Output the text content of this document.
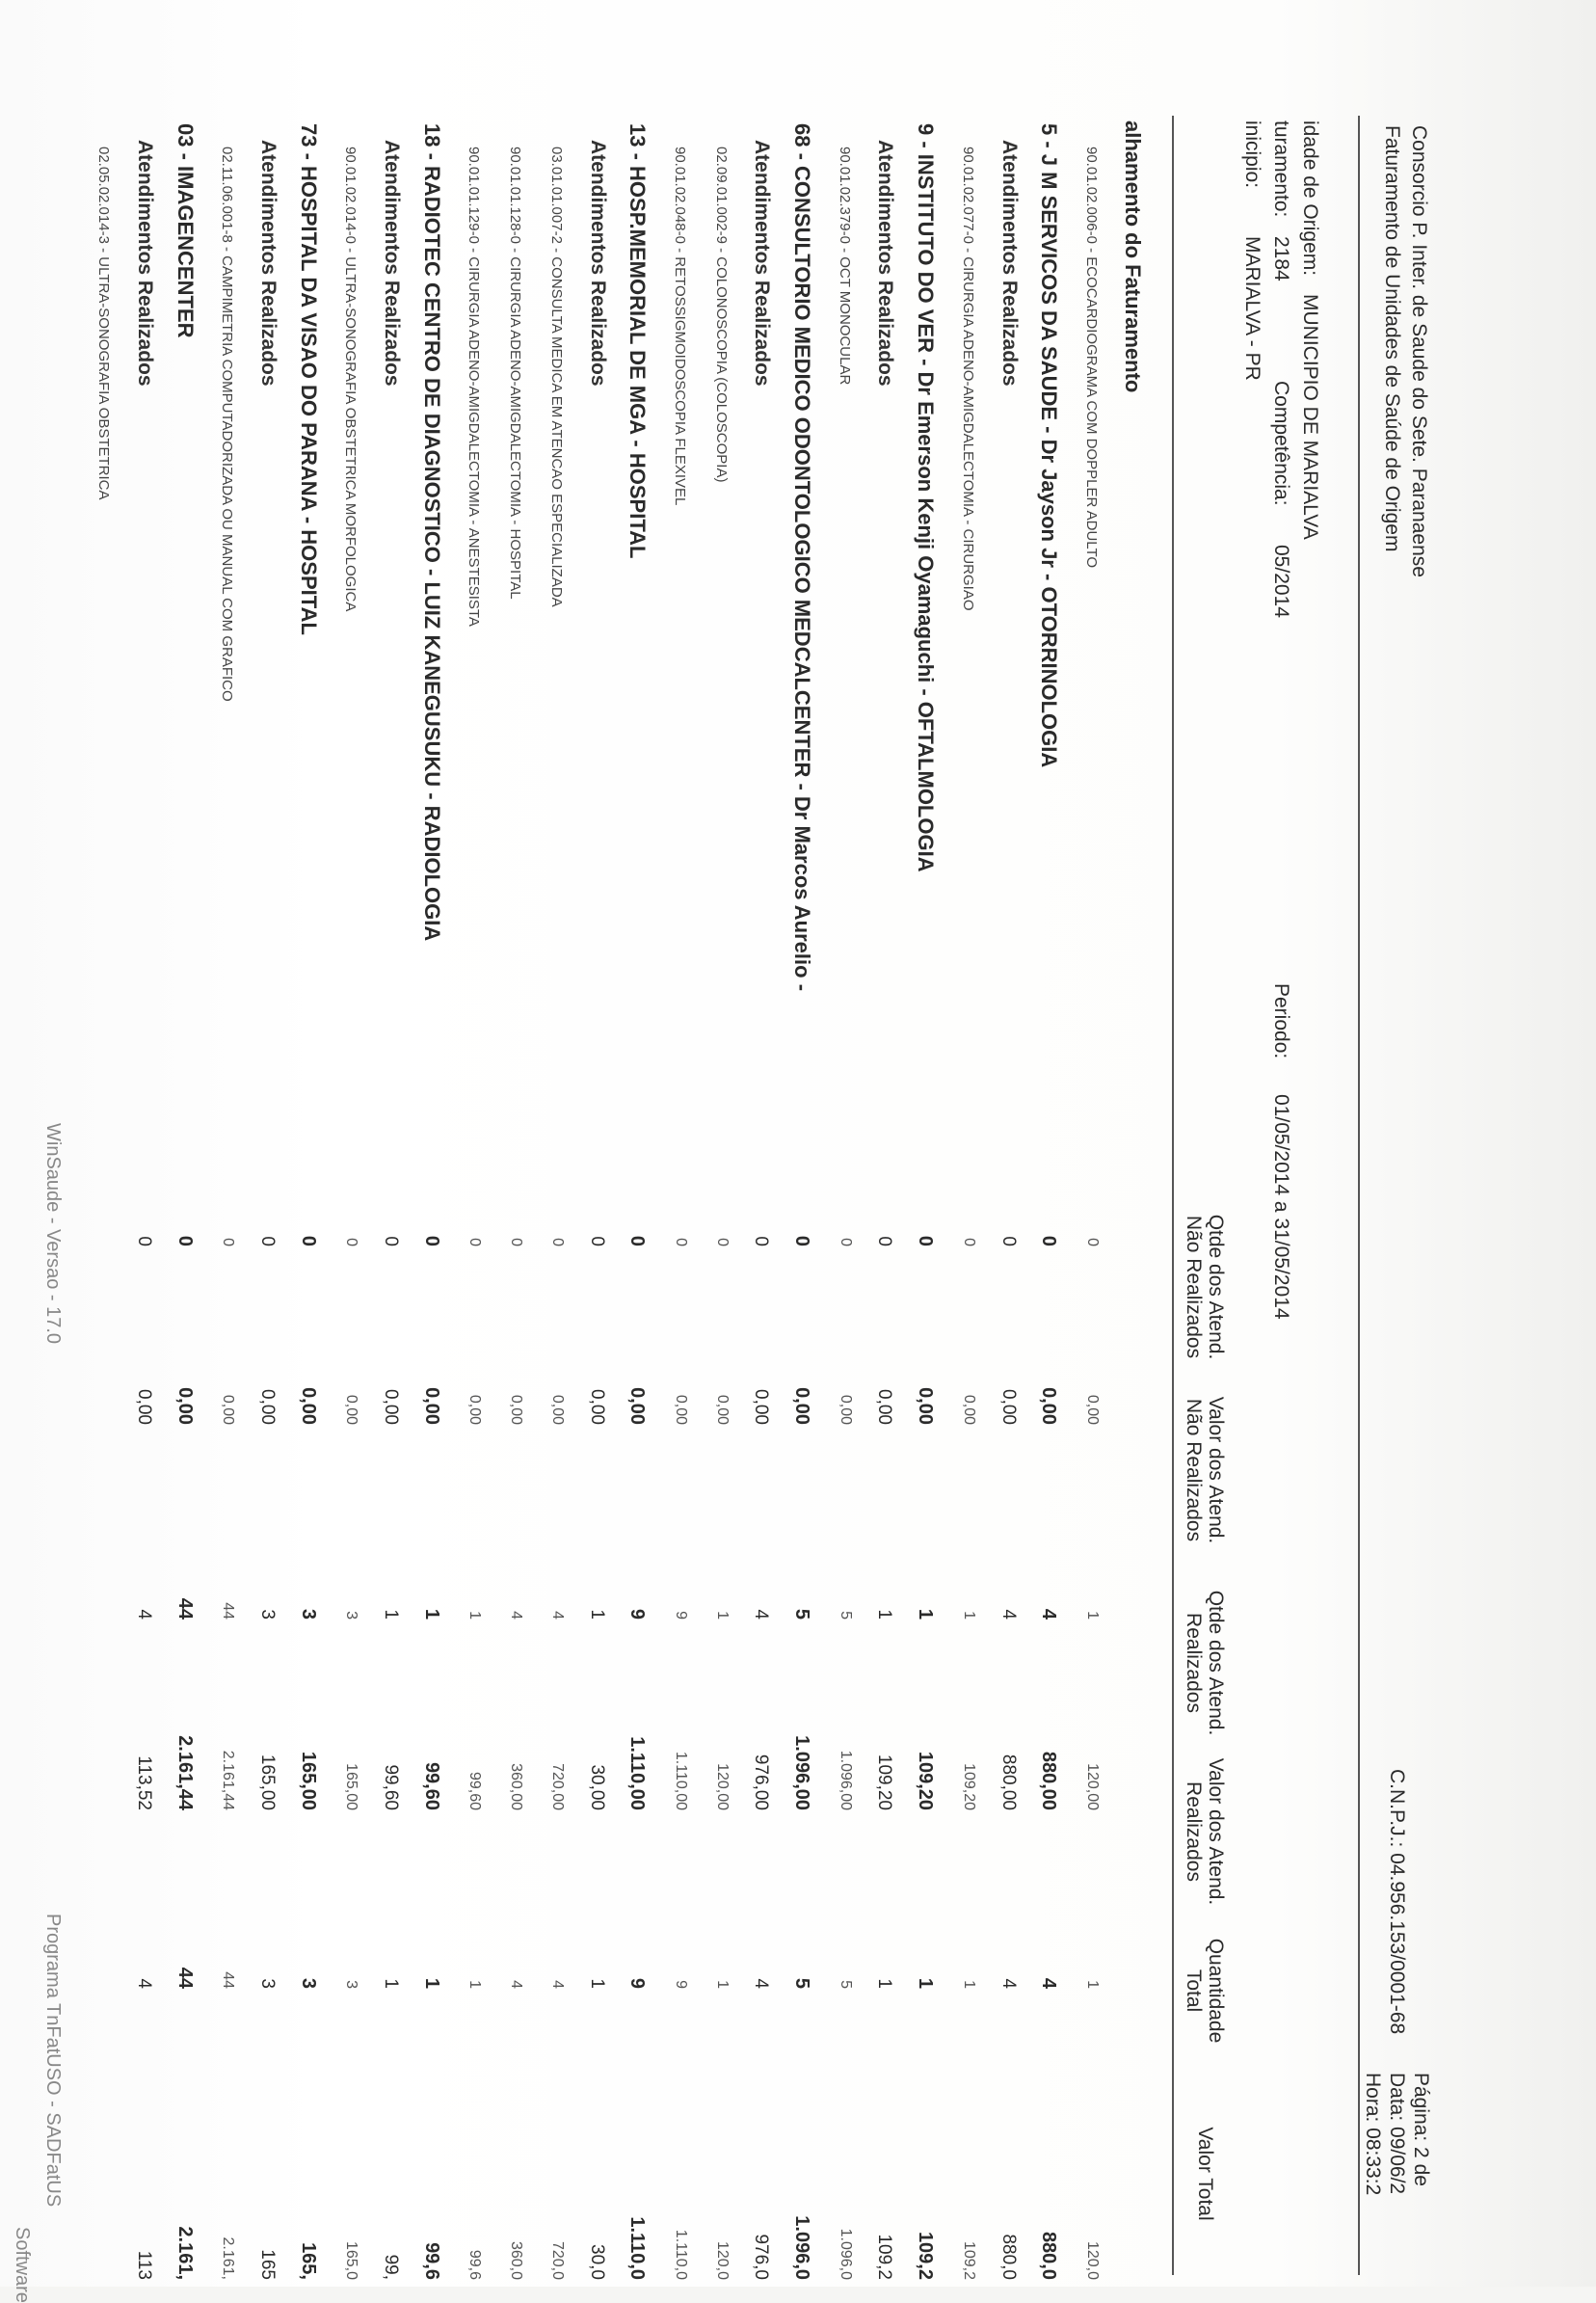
Consorcio P. Inter. de Saude do Sete. Paranaense
Faturamento de Unidades de Saúde de Origem
C.N.P.J.: 04.956.153/0001-68
Página: 2 de
Data: 09/06/2
Hora: 08:33:2
idade de Origem:
MUNICIPIO DE MARIALVA
turamento:
2184
Competência:
05/2014
Periodo:
01/05/2014 a 31/05/2014
inicipio:
MARIALVA - PR
Qtde dos Atend.
Não Realizados
Valor dos Atend.
Não Realizados
Qtde dos Atend.
Realizados
Valor dos Atend.
Realizados
Quantidade
Total
Valor Total
alhamento do Faturamento
90.01.02.006-0 - ECOCARDIOGRAMA COM DOPPLER ADULTO
0
0,00
1
120,00
1
120,0
5 - J M SERVICOS DA SAUDE - Dr Jayson Jr - OTORRINOLOGIA
0
0,00
4
880,00
4
880,0
Atendimentos Realizados
0
0,00
4
880,00
4
880,0
90.01.02.077-0 - CIRURGIA ADENO-AMIGDALECTOMIA - CIRURGIAO
0
0,00
1
109,20
1
109,2
9 - INSTITUTO DO VER - Dr Emerson Kenji Oyamaguchi - OFTALMOLOGIA
0
0,00
1
109,20
1
109,2
Atendimentos Realizados
0
0,00
1
109,20
1
109,2
90.01.02.379-0 - OCT MONOCULAR
0
0,00
5
1.096,00
5
1.096,0
68 - CONSULTORIO MEDICO ODONTOLOGICO MEDCALCENTER - Dr Marcos Aurelio -
0
0,00
5
1.096,00
5
1.096,0
Atendimentos Realizados
0
0,00
4
976,00
4
976,0
02.09.01.002-9 - COLONOSCOPIA (COLOSCOPIA)
0
0,00
1
120,00
1
120,0
90.01.02.048-0 - RETOSSIGMOIDOSCOPIA FLEXIVEL
0
0,00
9
1.110,00
9
1.110,0
13 - HOSP.MEMORIAL DE MGA - HOSPITAL
0
0,00
9
1.110,00
9
1.110,0
Atendimentos Realizados
0
0,00
1
30,00
1
30,0
03.01.01.007-2 - CONSULTA MEDICA EM ATENCAO ESPECIALIZADA
0
0,00
4
720,00
4
720,0
90.01.01.128-0 - CIRURGIA ADENO-AMIGDALECTOMIA - HOSPITAL
0
0,00
4
360,00
4
360,0
90.01.01.129-0 - CIRURGIA ADENO-AMIGDALECTOMIA - ANESTESISTA
0
0,00
1
99,60
1
99,6
18 - RADIOTEC CENTRO DE DIAGNOSTICO - LUIZ KANEGUSUKU - RADIOLOGIA
0
0,00
1
99,60
1
99,6
Atendimentos Realizados
0
0,00
1
99,60
1
99,
90.01.02.014-0 - ULTRA-SONOGRAFIA OBSTETRICA MORFOLOGICA
0
0,00
3
165,00
3
165,0
73 - HOSPITAL DA VISAO DO PARANA - HOSPITAL
0
0,00
3
165,00
3
165,
Atendimentos Realizados
0
0,00
3
165,00
3
165
02.11.06.001-8 - CAMPIMETRIA COMPUTADORIZADA OU MANUAL COM GRAFICO
0
0,00
44
2.161,44
44
2.161,
03 - IMAGENCENTER
0
0,00
44
2.161,44
44
2.161,
Atendimentos Realizados
0
0,00
4
113,52
4
113
02.05.02.014-3 - ULTRA-SONOGRAFIA OBSTETRICA
Software
WinSaude - Versao - 17.0
Programa TnFatUSO - SADFatUS
